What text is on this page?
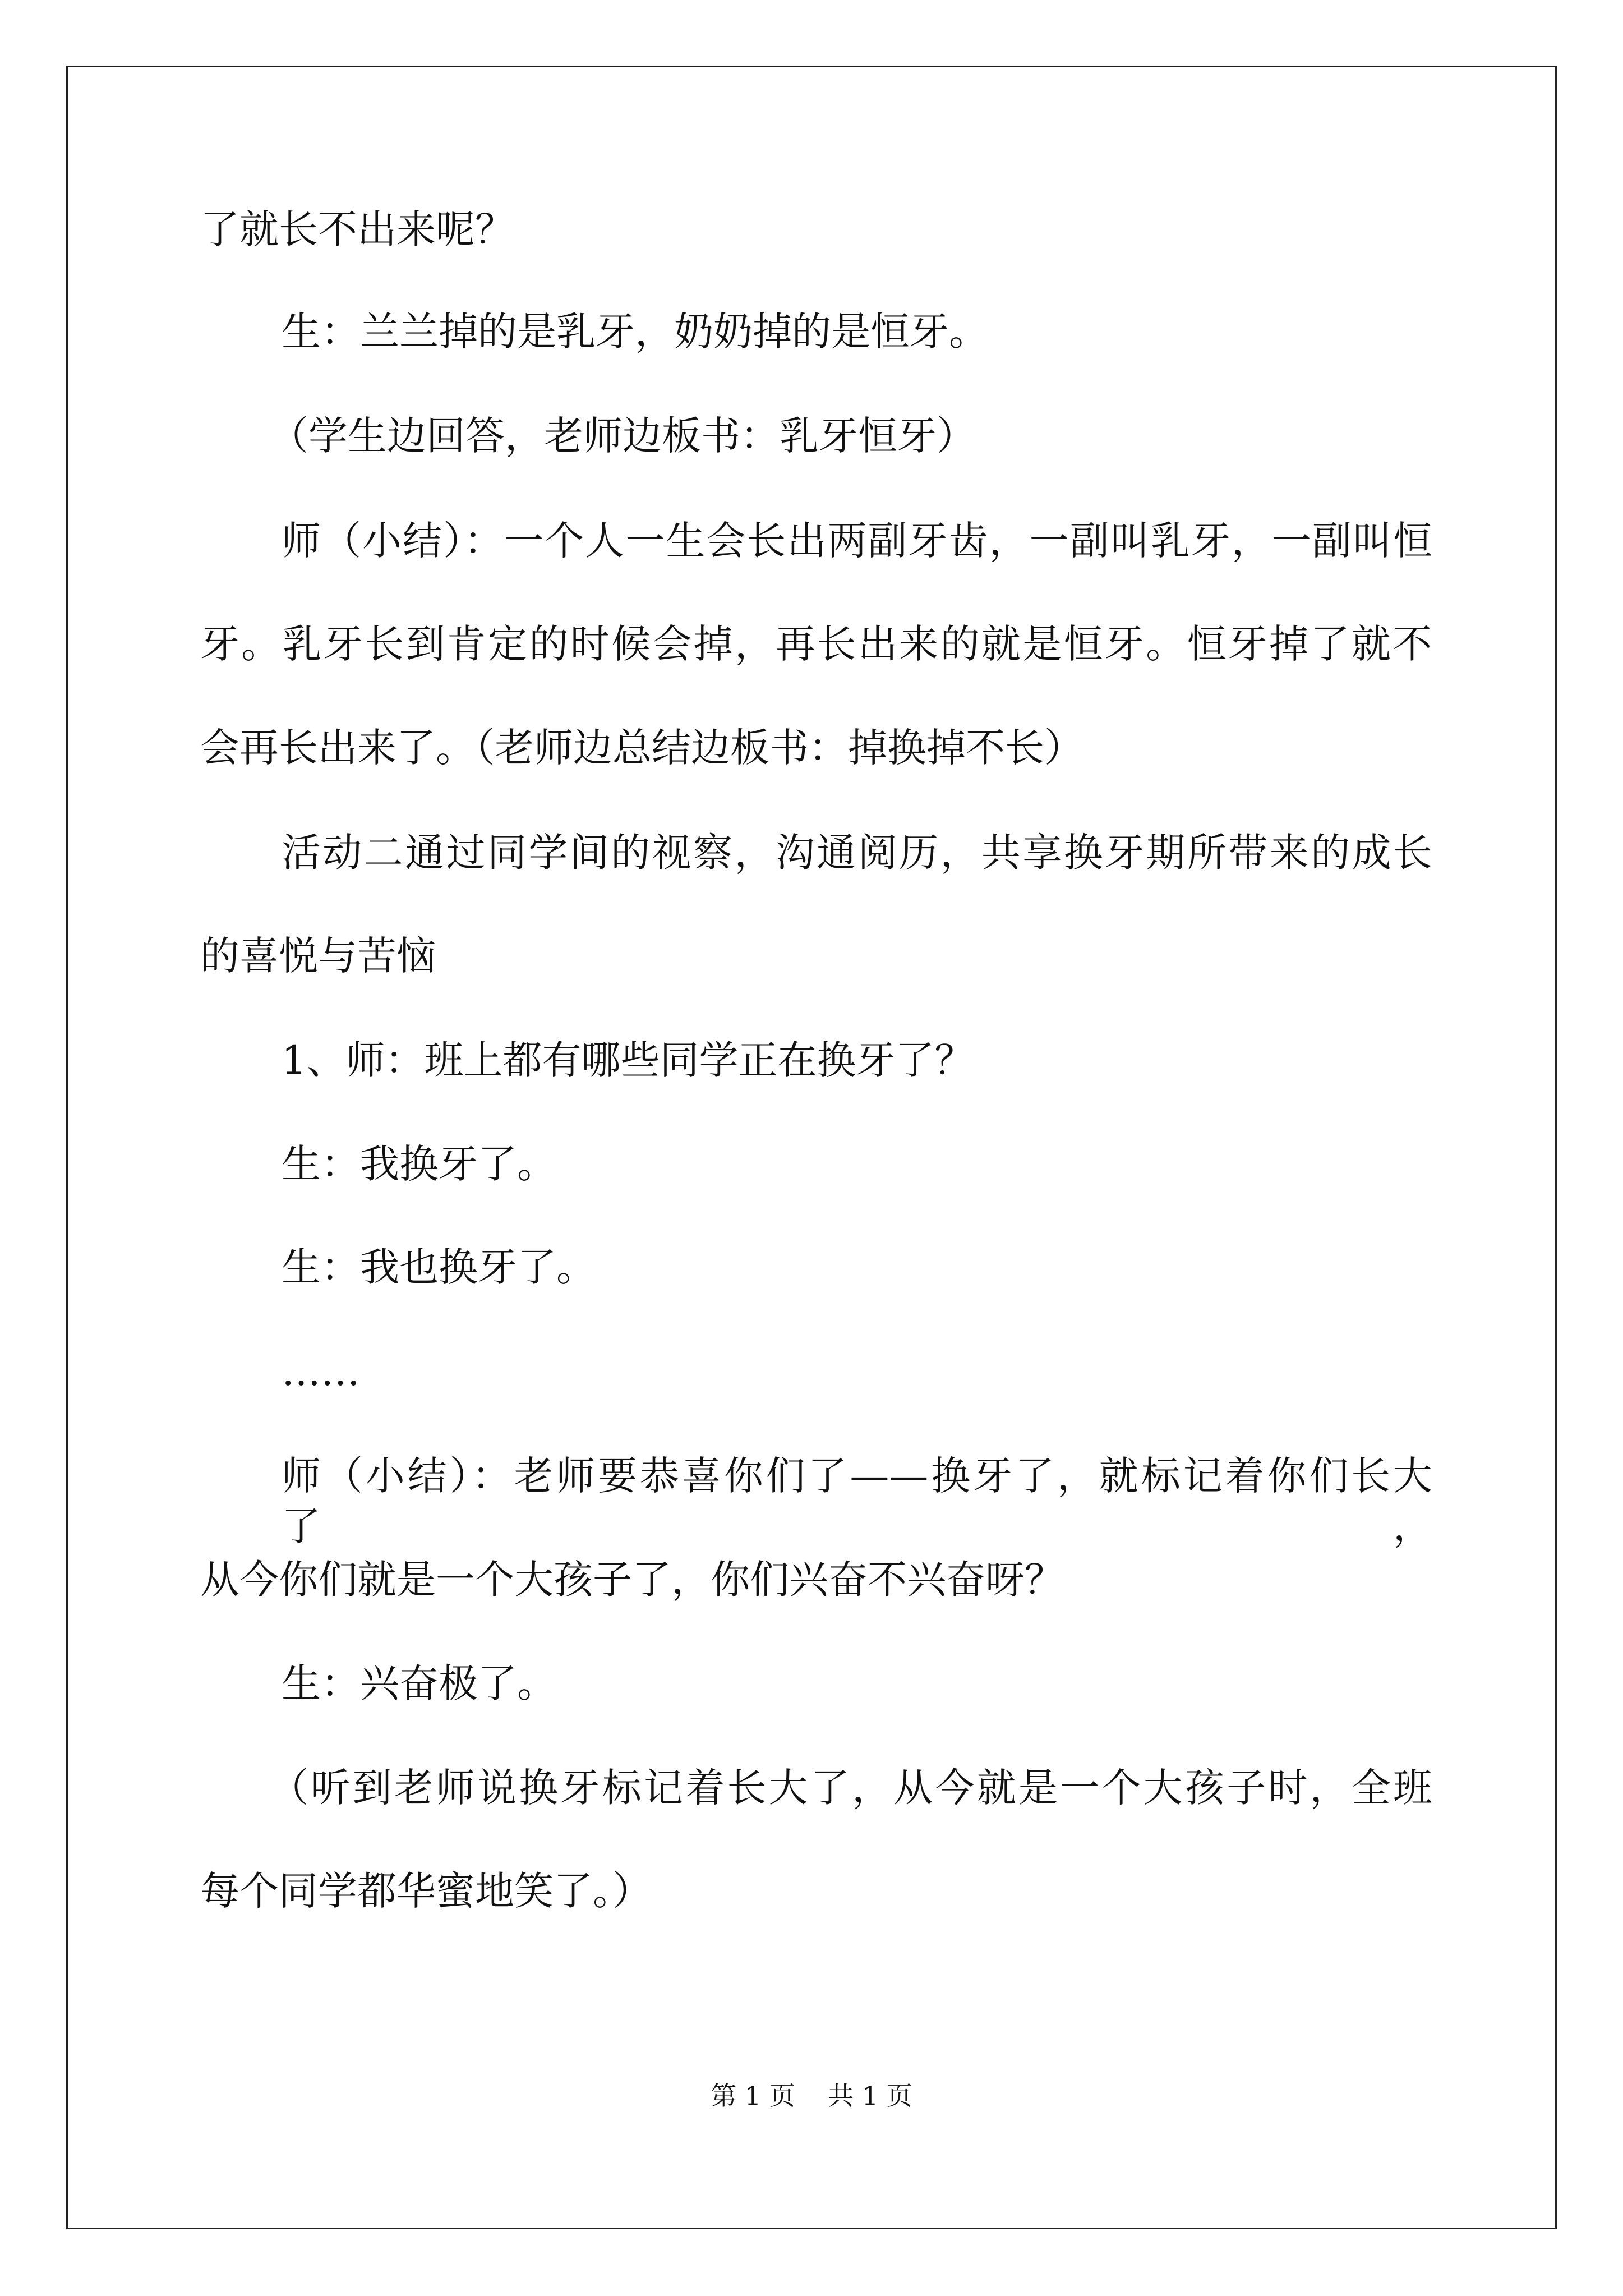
了就长不出来呢？
生：兰兰掉的是乳牙，奶奶掉的是恒牙。
（学生边回答，老师边板书：乳牙恒牙）
师（小结）：一个人一生会长出两副牙齿，一副叫乳牙，一副叫恒
牙。乳牙长到肯定的时候会掉，再长出来的就是恒牙。恒牙掉了就不
会再长出来了。（老师边总结边板书：掉换掉不长）
活动二通过同学间的视察，沟通阅历，共享换牙期所带来的成长
的喜悦与苦恼
1、师：班上都有哪些同学正在换牙了？
生：我换牙了。
生：我也换牙了。
……
师（小结）：老师要恭喜你们了——换牙了，就标记着你们长大了，
从今你们就是一个大孩子了，你们兴奋不兴奋呀？
生：兴奋极了。
（听到老师说换牙标记着长大了，从今就是一个大孩子时，全班
每个同学都华蜜地笑了。）
第 1 页    共 1 页
